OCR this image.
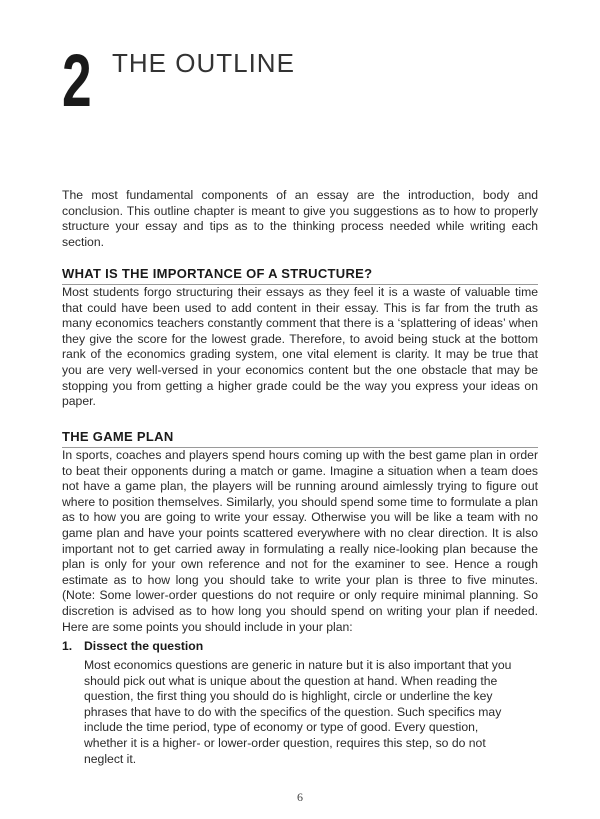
2 THE OUTLINE

The most fundamental components of an essay are the introduction, body and conclusion. This outline chapter is meant to give you suggestions as to how to properly structure your essay and tips as to the thinking process needed while writing each section.

WHAT IS THE IMPORTANCE OF A STRUCTURE?

Most students forgo structuring their essays as they feel it is a waste of valuable time that could have been used to add content in their essay. This is far from the truth as many economics teachers constantly comment that there is a ‘splattering of ideas’ when they give the score for the lowest grade. Therefore, to avoid being stuck at the bottom rank of the economics grading system, one vital element is clarity. It may be true that you are very well-versed in your economics content but the one obstacle that may be stopping you from getting a higher grade could be the way you express your ideas on paper.

THE GAME PLAN

In sports, coaches and players spend hours coming up with the best game plan in order to beat their opponents during a match or game. Imagine a situation when a team does not have a game plan, the players will be running around aimlessly trying to figure out where to position themselves. Similarly, you should spend some time to formulate a plan as to how you are going to write your essay. Otherwise you will be like a team with no game plan and have your points scattered everywhere with no clear direction. It is also important not to get carried away in formulating a really nice-looking plan because the plan is only for your own reference and not for the examiner to see. Hence a rough estimate as to how long you should take to write your plan is three to five minutes. (Note: Some lower-order questions do not require or only require minimal planning. So discretion is advised as to how long you should spend on writing your plan if needed. Here are some points you should include in your plan:

1. Dissect the question

Most economics questions are generic in nature but it is also important that you should pick out what is unique about the question at hand. When reading the question, the first thing you should do is highlight, circle or underline the key phrases that have to do with the specifics of the question. Such specifics may include the time period, type of economy or type of good. Every question, whether it is a higher- or lower-order question, requires this step, so do not neglect it.

6
